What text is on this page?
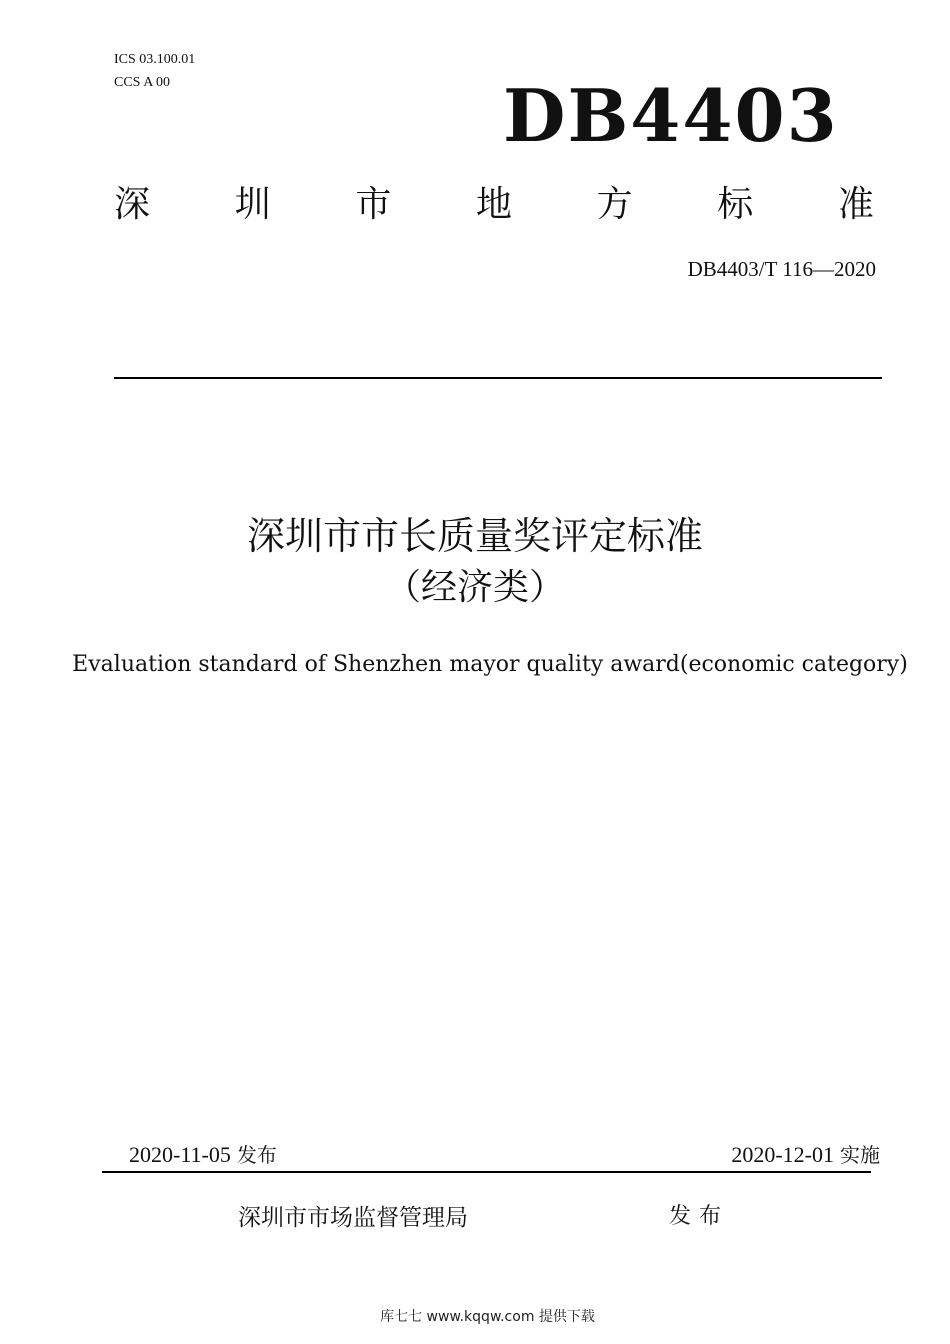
ICS 03.100.01
CCS A 00	DB4403
深 圳 市 地 方 标 准
DB4403/T 116—2020
深圳市市长质量奖评定标准
（经济类）
Evaluation standard of Shenzhen mayor quality award(economic category)
2020-11-05 发布	2020-12-01 实施
深圳市市场监督管理局	发布
库七七 www.kqqw.com 提供下载
